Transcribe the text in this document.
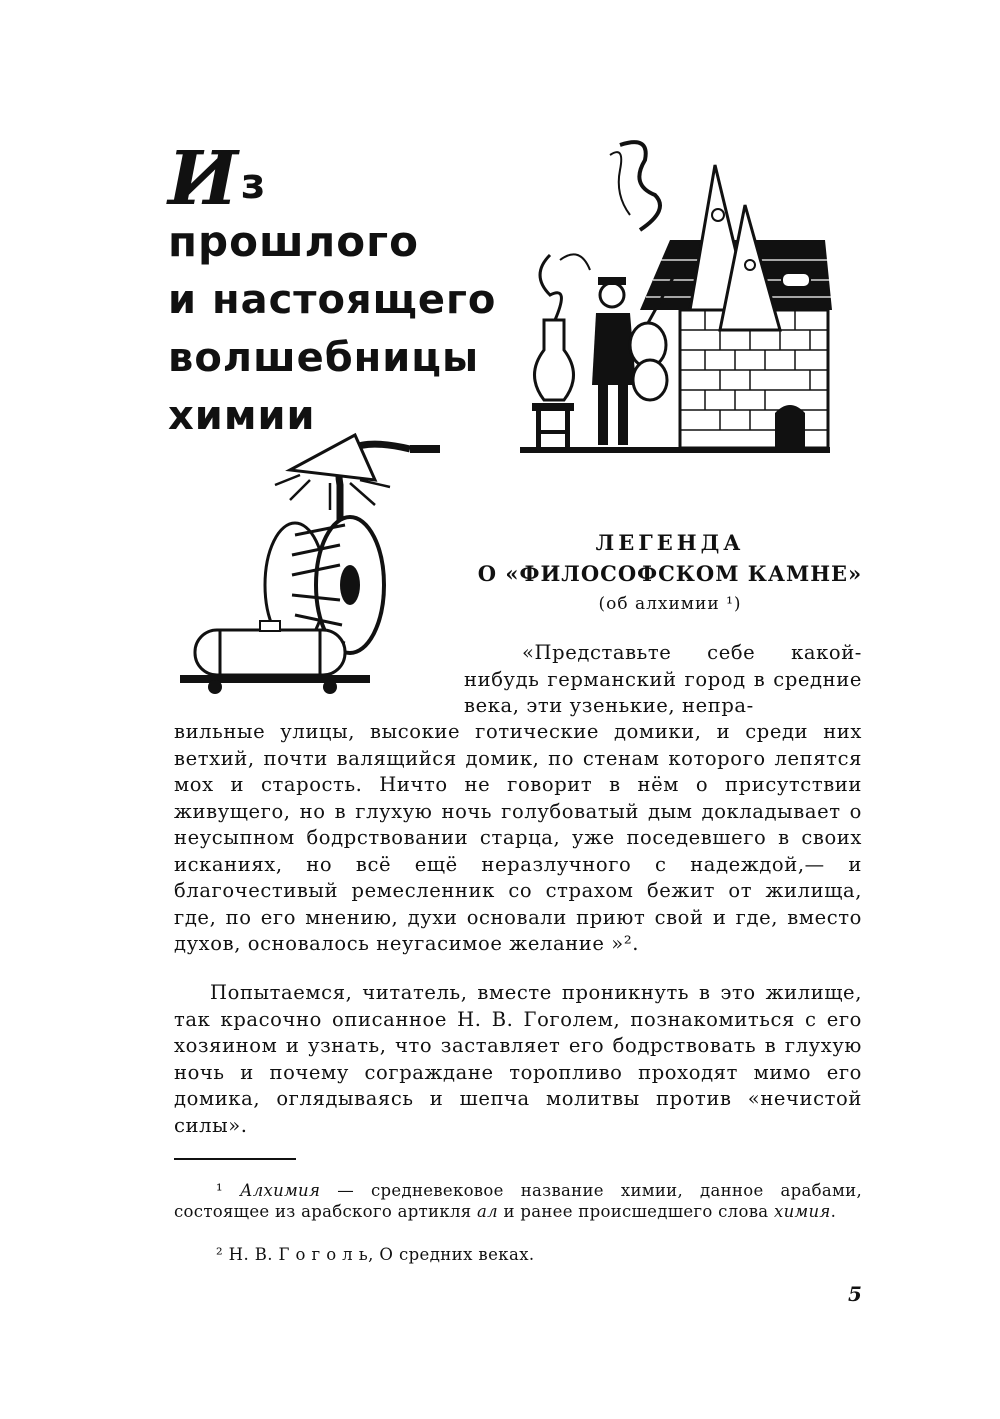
Из прошлого
и настоящего
волшебницы
химии
ЛЕГЕНДА
О «ФИЛОСОФСКОМ КАМНЕ»
(об алхимии ¹)
«Представьте себе какой-нибудь германский город в средние века, эти узенькие, непра-
вильные улицы, высокие готические домики, и среди них ветхий, почти валящийся домик, по стенам которого лепятся мох и старость. Ничто не говорит в нём о присутствии живущего, но в глухую ночь голубоватый дым докладывает о неусыпном бодрствовании старца, уже поседевшего в своих исканиях, но всё ещё неразлучного с надеждой,— и благочестивый ремесленник со страхом бежит от жилища, где, по его мнению, духи основали приют свой и где, вместо духов, основалось неугасимое желание »².
Попытаемся, читатель, вместе проникнуть в это жилище, так красочно описанное Н. В. Гоголем, познакомиться с его хозяином и узнать, что заставляет его бодрствовать в глухую ночь и почему сограждане торопливо проходят мимо его домика, оглядываясь и шепча молитвы против «нечистой силы».
¹ Алхимия — средневековое название химии, данное арабами, состоящее из арабского артикля ал и ранее происшедшего слова химия.
² Н. В. Г о г о л ь, О средних веках.
5
